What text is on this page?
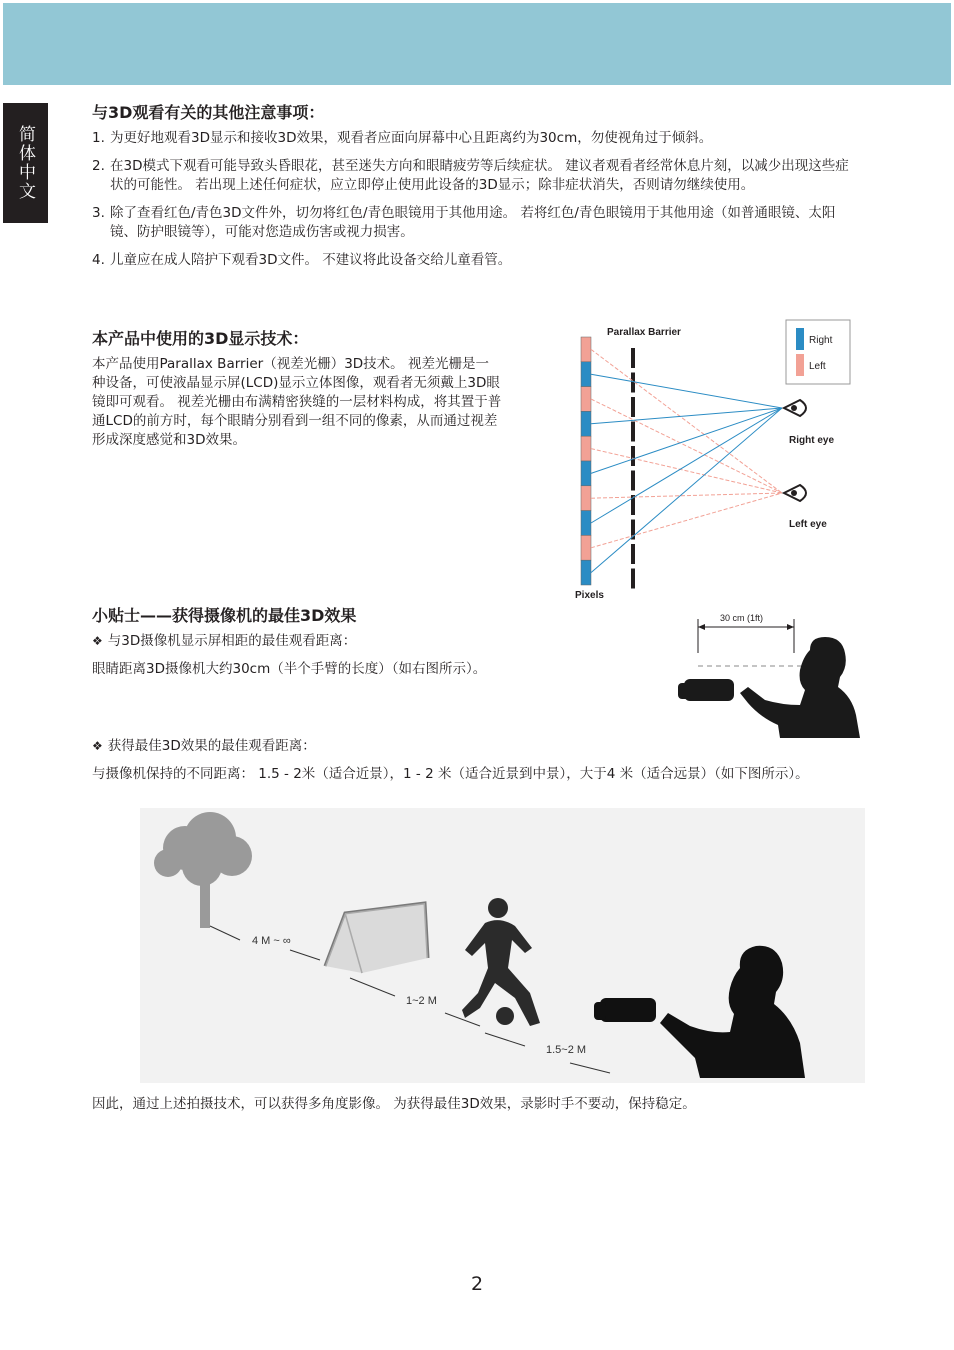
简体中文
与3D观看有关的其他注意事项：
1. 为更好地观看3D显示和接收3D效果，观看者应面向屏幕中心且距离约为30cm，勿使视角过于倾斜。
2. 在3D模式下观看可能导致头昏眼花，甚至迷失方向和眼睛疲劳等后续症状。 建议者观看者经常休息片刻，以减少出现这些症状的可能性。 若出现上述任何症状，应立即停止使用此设备的3D显示；除非症状消失，否则请勿继续使用。
3. 除了查看红色/青色3D文件外，切勿将红色/青色眼镜用于其他用途。 若将红色/青色眼镜用于其他用途（如普通眼镜、太阳镜、防护眼镜等），可能对您造成伤害或视力损害。
4. 儿童应在成人陪护下观看3D文件。 不建议将此设备交给儿童看管。
本产品中使用的3D显示技术：

本产品使用Parallax Barrier（视差光栅）3D技术。 视差光栅是一种设备，可使液晶显示屏(LCD)显示立体图像，观看者无须戴上3D眼镜即可观看。 视差光栅由布满精密狭缝的一层材料构成，将其置于普通LCD的前方时，每个眼睛分别看到一组不同的像素，从而通过视差形成深度感觉和3D效果。

Parallax Barrier
Right eye
Left eye
Pixels
Right
Left
小贴士——获得摄像机的最佳3D效果
❖ 与3D摄像机显示屏相距的最佳观看距离：

眼睛距离3D摄像机大约30cm（半个手臂的长度）（如右图所示）。

30 cm (1ft)
❖ 获得最佳3D效果的最佳观看距离：

与摄像机保持的不同距离： 1.5 - 2米（适合近景），1 - 2 米（适合近景到中景），大于4 米（适合远景）（如下图所示）。

4 M ~ ∞
1~2 M
1.5~2 M

因此，通过上述拍摄技术，可以获得多角度影像。 为获得最佳3D效果，录影时手不要动，保持稳定。

2
